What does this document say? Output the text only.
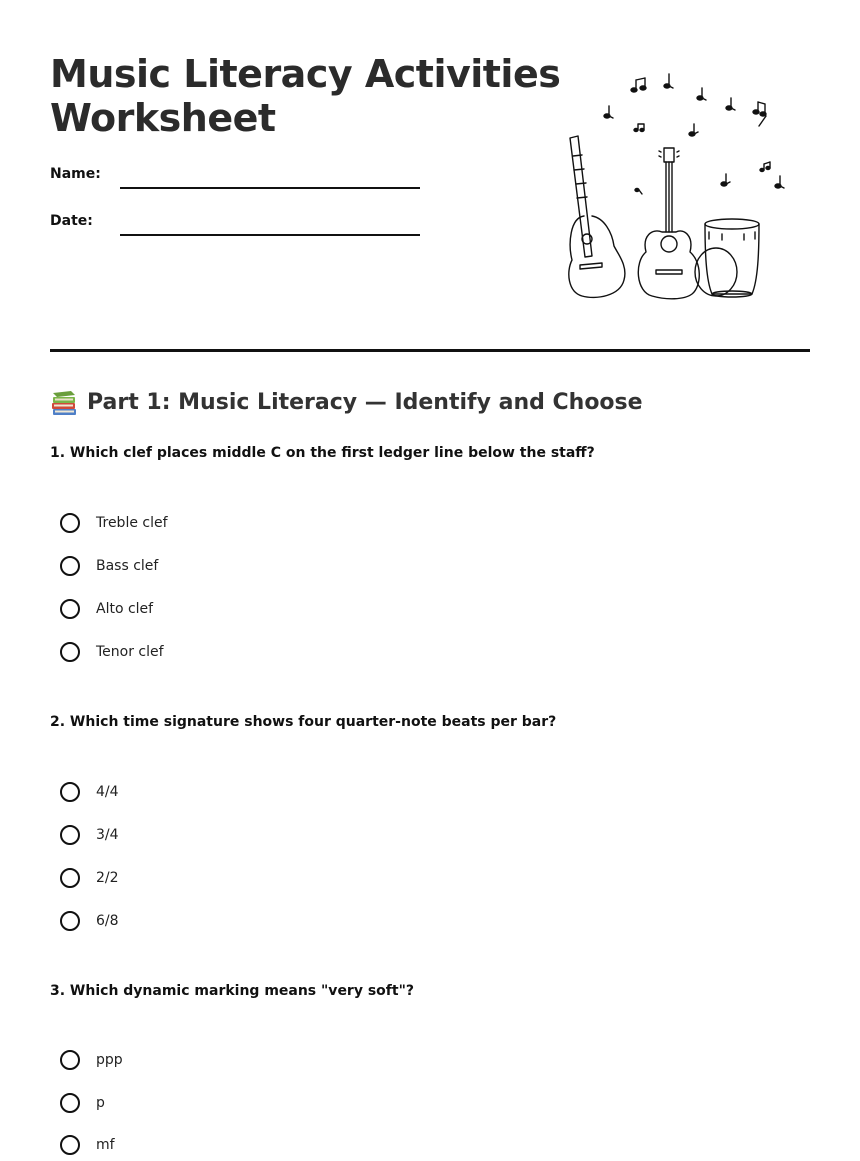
Music Literacy Activities
Worksheet
Name:
Date:
Part 1: Music Literacy — Identify and Choose

1. Which clef places middle C on the first ledger line below the staff?

Treble clef
Bass clef
Alto clef
Tenor clef

2. Which time signature shows four quarter-note beats per bar?

4/4
3/4
2/2
6/8

3. Which dynamic marking means "very soft"?

ppp
p
mf
